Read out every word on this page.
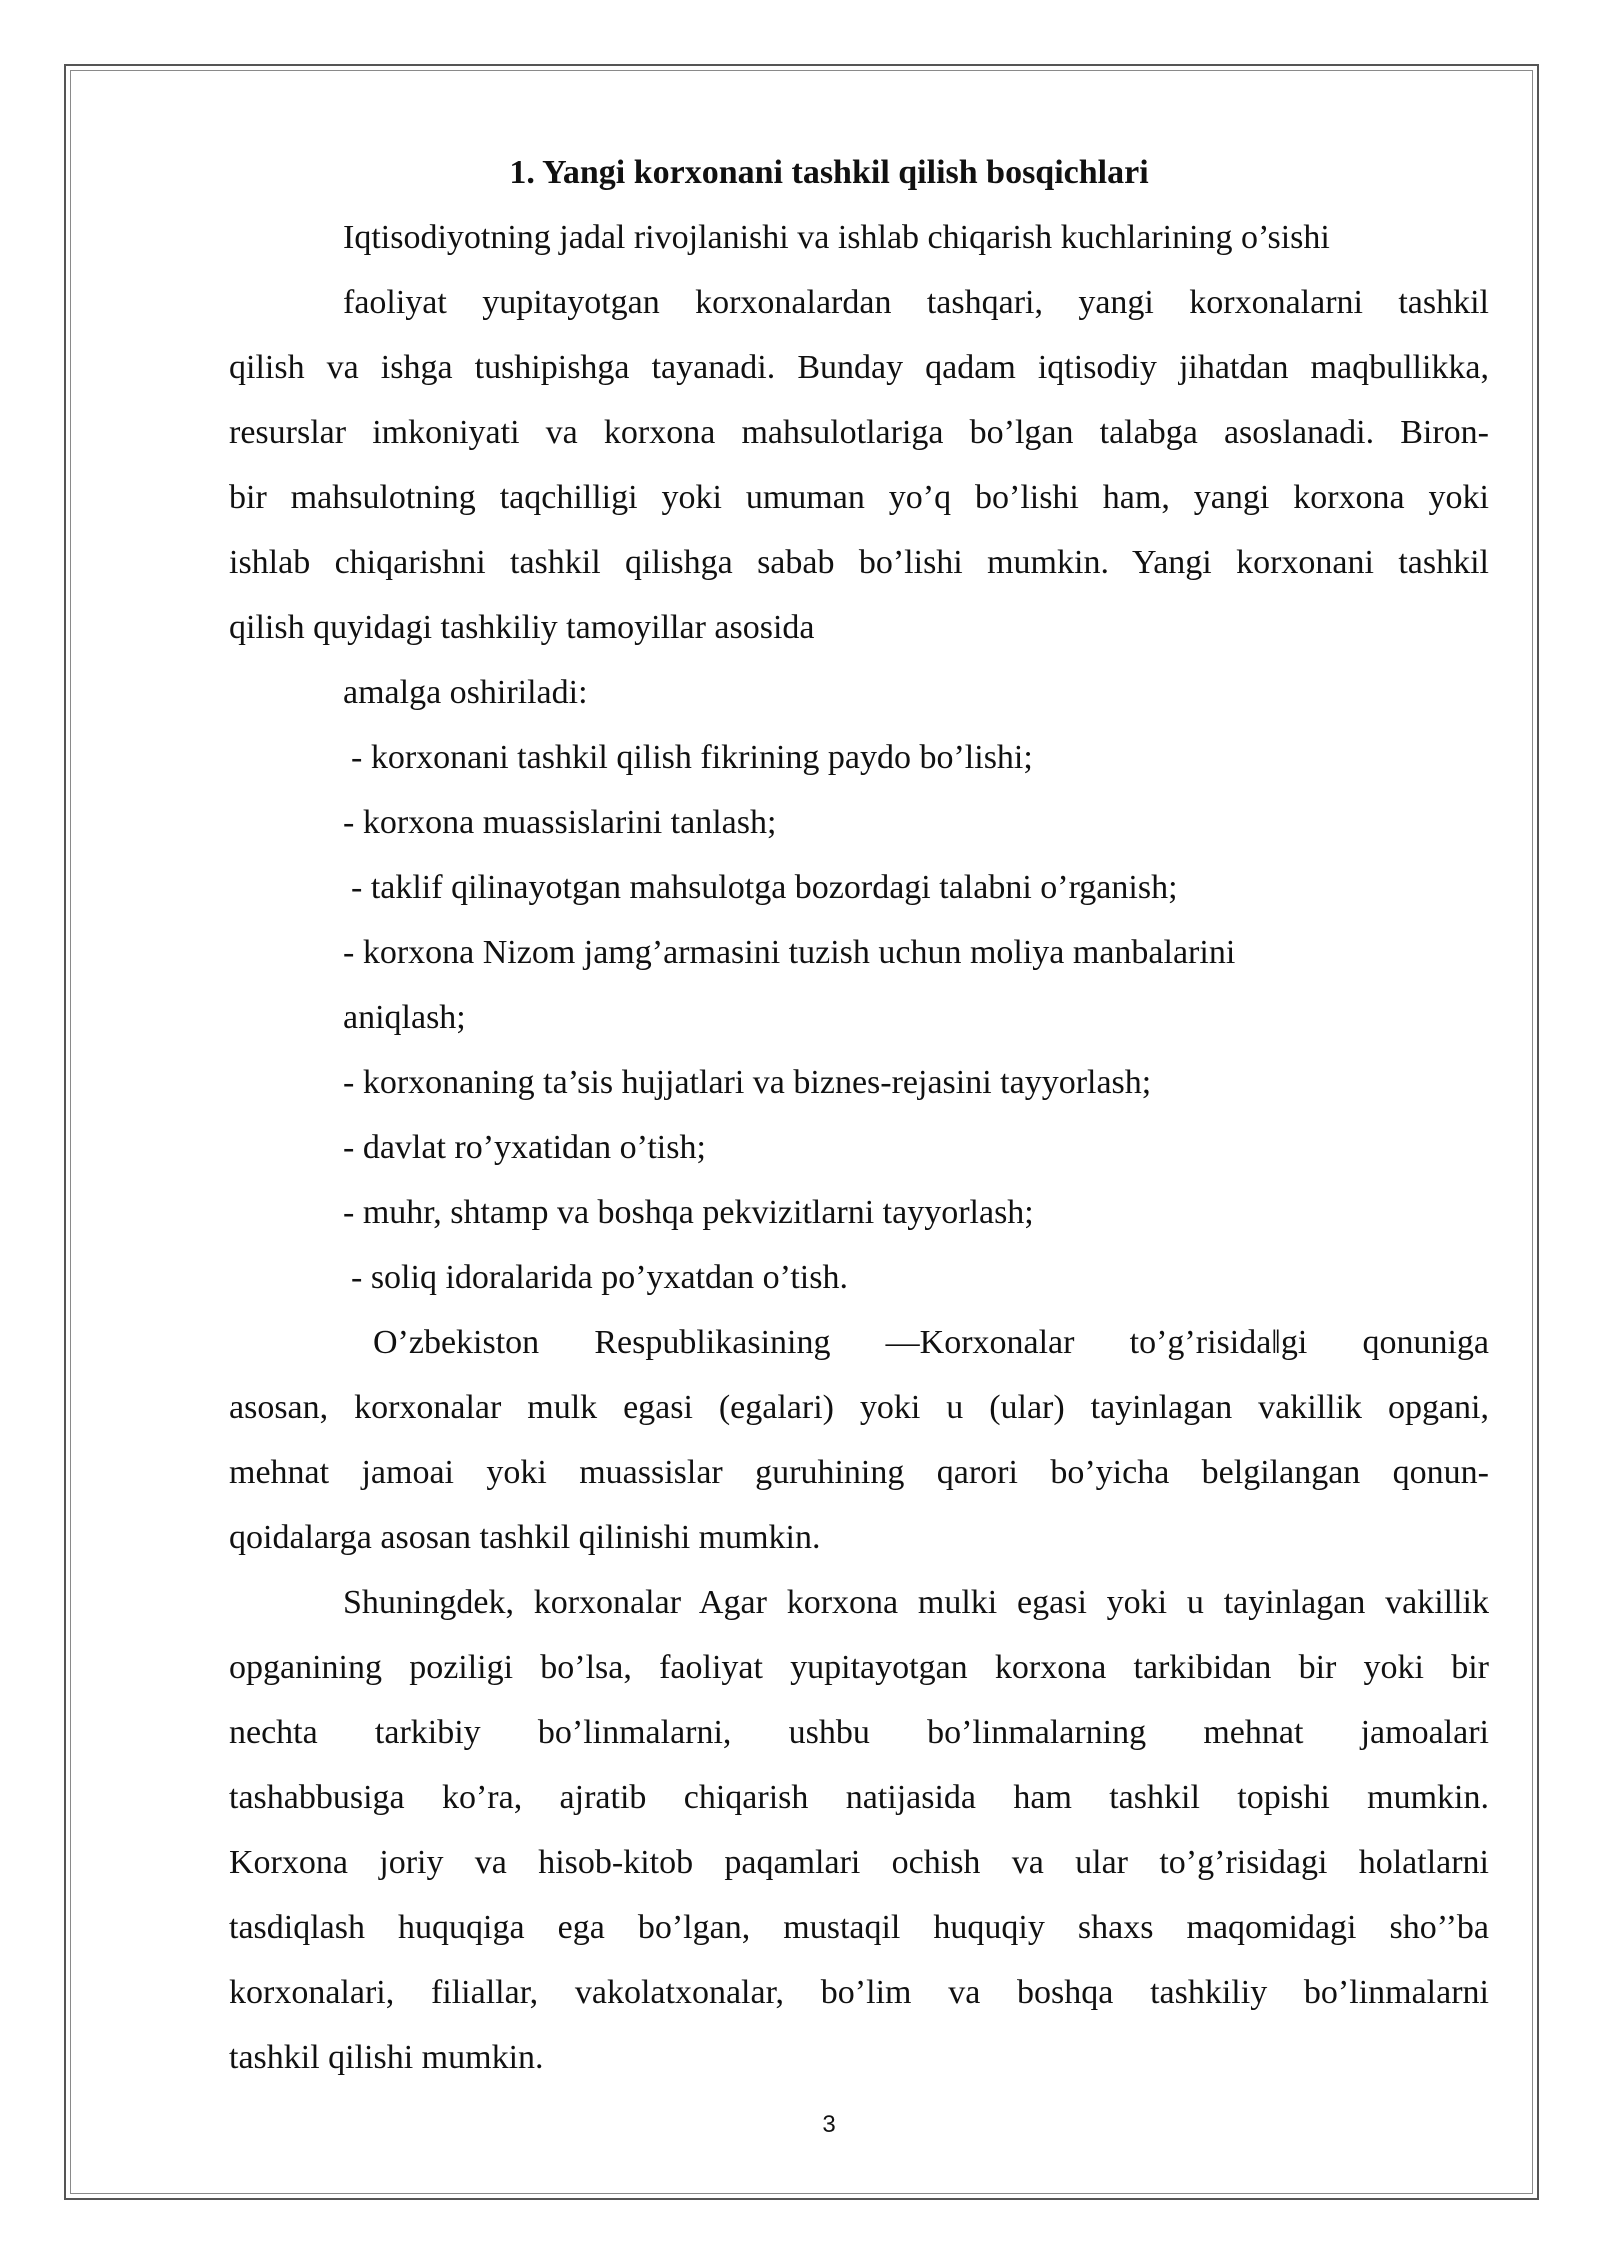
1. Yangi korxonani tashkil qilish bosqichlari
Iqtisodiyotning jadal rivojlanishi va ishlab chiqarish kuchlarining o’sishi
faoliyat yupitayotgan korxonalardan tashqari, yangi korxonalarni tashkil
qilish va ishga tushipishga tayanadi. Bunday qadam iqtisodiy jihatdan maqbullikka,
resurslar imkoniyati va korxona mahsulotlariga bo’lgan talabga asoslanadi. Biron-
bir mahsulotning taqchilligi yoki umuman yo’q bo’lishi ham, yangi korxona yoki
ishlab chiqarishni tashkil qilishga sabab bo’lishi mumkin. Yangi korxonani tashkil
qilish quyidagi tashkiliy tamoyillar asosida
amalga oshiriladi:
- korxonani tashkil qilish fikrining paydo bo’lishi;
- korxona muassislarini tanlash;
- taklif qilinayotgan mahsulotga bozordagi talabni o’rganish;
- korxona Nizom jamg’armasini tuzish uchun moliya manbalarini
aniqlash;
- korxonaning ta’sis hujjatlari va biznes-rejasini tayyorlash;
- davlat ro’yxatidan o’tish;
- muhr, shtamp va boshqa pekvizitlarni tayyorlash;
- soliq idoralarida po’yxatdan o’tish.
O’zbekiston Respublikasining ―Korxonalar to’g’risida‖gi qonuniga
asosan, korxonalar mulk egasi (egalari) yoki u (ular) tayinlagan vakillik opgani,
mehnat jamoai yoki muassislar guruhining qarori bo’yicha belgilangan qonun-
qoidalarga asosan tashkil qilinishi mumkin.
Shuningdek, korxonalar Agar korxona mulki egasi yoki u tayinlagan vakillik
opganining poziligi bo’lsa, faoliyat yupitayotgan korxona tarkibidan bir yoki bir
nechta tarkibiy bo’linmalarni, ushbu bo’linmalarning mehnat jamoalari
tashabbusiga ko’ra, ajratib chiqarish natijasida ham tashkil topishi mumkin.
Korxona joriy va hisob-kitob paqamlari ochish va ular to’g’risidagi holatlarni
tasdiqlash huquqiga ega bo’lgan, mustaqil huquqiy shaxs maqomidagi sho’’ba
korxonalari, filiallar, vakolatxonalar, bo’lim va boshqa tashkiliy bo’linmalarni
tashkil qilishi mumkin.
3
